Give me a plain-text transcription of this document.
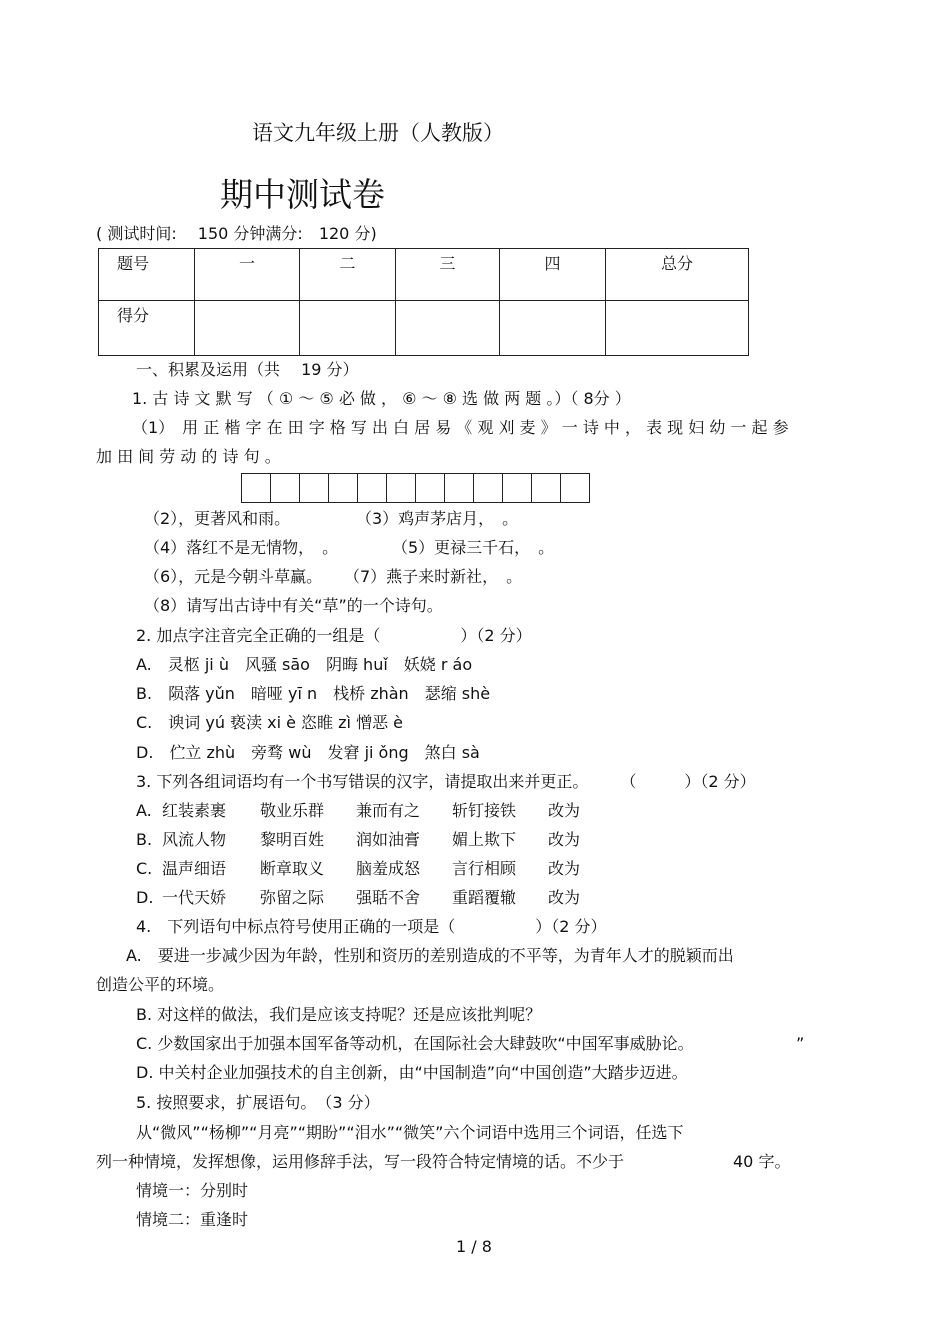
语文九年级上册（人教版）
期中测试卷
( 测试时间:　 150 分钟满分:　120 分)
题号	一	二	三	四	总分
得分					
一、积累及运用（共　 19 分）
1. 古 诗 文 默 写 （ ① ～ ⑤ 必 做 ， ⑥ ～ ⑧ 选 做 两 题 。）（ 8分 ）
（1）　用 正 楷 字 在 田 字 格 写 出 白 居 易 《 观 刈 麦 》 一 诗 中 ， 表 现 妇 幼 一 起 参
加 田 间 劳 动 的 诗 句 。
（2），更著风和雨。	（3）鸡声茅店月，　。
（4）落红不是无情物，　。	（5）更禄三千石，　。
（6），元是今朝斗草赢。 （7）燕子来时新社，　。
（8）请写出古诗中有关“草”的一个诗句。
2. 加点字注音完全正确的一组是（　　　　　）（2 分）
A.　灵柩 ji ù　风骚 sāo　阴晦 huǐ　妖娆 r áo
B.　陨落 yǔn　暗哑 yī n　栈桥 zhàn　瑟缩 shè
C.　谀词 yú 亵渎 xi è 恣睢 zì 憎恶 è
D.　伫立 zhù　旁骛 wù　发窘 ji ǒng　煞白 sà
3. 下列各组词语均有一个书写错误的汉字，请提取出来并更正。　　　（　　　）（2 分）
A. 红装素裹 敬业乐群 兼而有之 斩钉接铁 改为
B. 风流人物 黎明百姓 润如油膏 媚上欺下 改为
C. 温声细语 断章取义 脑羞成怒 言行相顾 改为
D. 一代天娇 弥留之际 强聒不舍 重蹈覆辙 改为
4.　下列语句中标点符号使用正确的一项是（　　　　　）（2 分）
A.　要进一步减少因为年龄，性别和资历的差别造成的不平等，为青年人才的脱颖而出
创造公平的环境。
B. 对这样的做法，我们是应该支持呢？还是应该批判呢？
C. 少数国家出于加强本国军备等动机，在国际社会大肆鼓吹“中国军事威胁论。	”
D. 中关村企业加强技术的自主创新，由“中国制造”向“中国创造”大踏步迈进。
5. 按照要求，扩展语句。　（3 分）
从“微风”“杨柳”“月亮”“期盼”“泪水”“微笑”六个词语中选用三个词语，任选下
列一种情境，发挥想像，运用修辞手法，写一段符合特定情境的话。不少于	40 字。
情境一：分别时
情境二：重逢时
1 / 8
